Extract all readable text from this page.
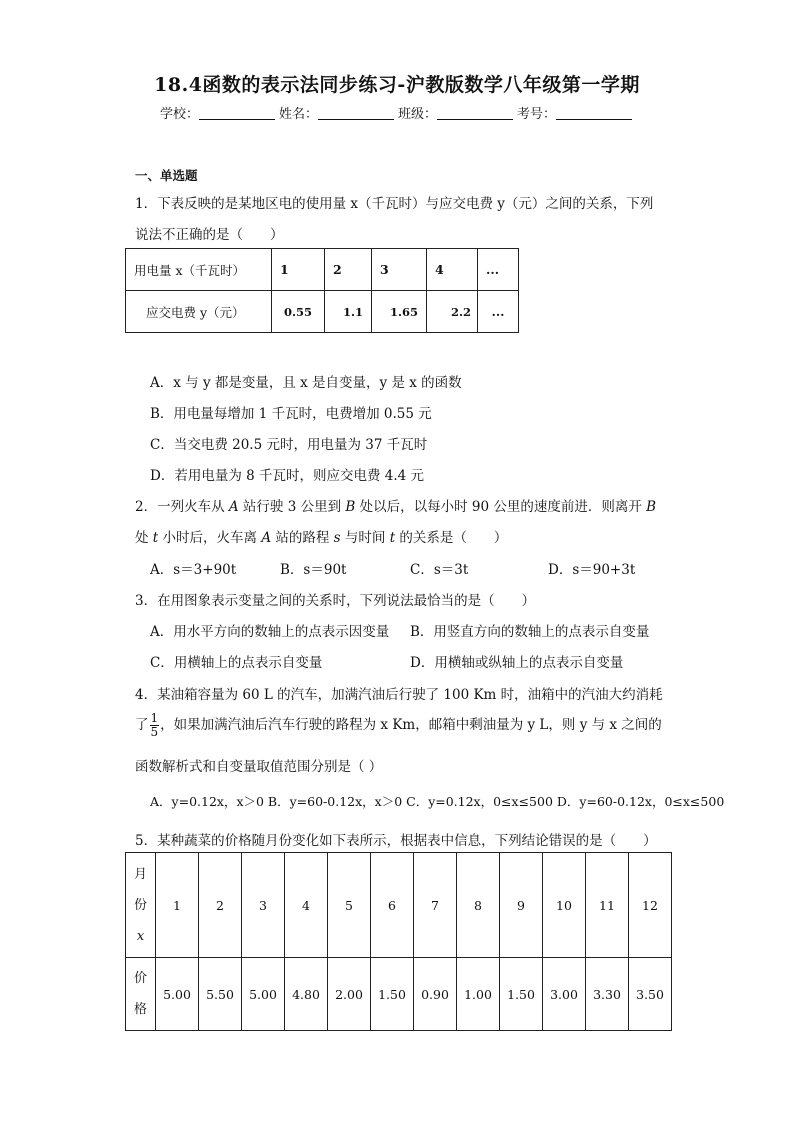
18.4函数的表示法同步练习-沪教版数学八年级第一学期
学校：	姓名：	班级：	考号：
一、单选题
1．下表反映的是某地区电的使用量 x（千瓦时）与应交电费 y（元）之间的关系，下列
说法不正确的是（　　）
用电量 x（千瓦时）	1	2	3	4	...
应交电费 y（元）	0.55	1.1	1.65	2.2	...
A．x 与 y 都是变量，且 x 是自变量，y 是 x 的函数
B．用电量每增加 1 千瓦时，电费增加 0.55 元
C．当交电费 20.5 元时，用电量为 37 千瓦时
D．若用电量为 8 千瓦时，则应交电费 4.4 元
2．一列火车从 A 站行驶 3 公里到 B 处以后，以每小时 90 公里的速度前进．则离开 B
处 t 小时后，火车离 A 站的路程 s 与时间 t 的关系是（　　）
A．s＝3+90t	B．s＝90t	C．s＝3t	D．s＝90+3t
3．在用图象表示变量之间的关系时，下列说法最恰当的是（　　）
A．用水平方向的数轴上的点表示因变量 B．用竖直方向的数轴上的点表示自变量
C．用横轴上的点表示自变量	D．用横轴或纵轴上的点表示自变量
4．某油箱容量为 60 L 的汽车，加满汽油后行驶了 100 Km 时，油箱中的汽油大约消耗
了 $\frac{1}{5}$ ，如果加满汽油后汽车行驶的路程为 x Km，邮箱中剩油量为 y L，则 y 与 x 之间的
函数解析式和自变量取值范围分别是（ ）
A．y=0.12x，x＞0 B．y=60-0.12x，x＞0 C．y=0.12x，0≤x≤500 D．y=60-0.12x，0≤x≤500
5．某种蔬菜的价格随月份变化如下表所示，根据表中信息，下列结论错误的是（　　）
月
份
x	1	2	3	4	5	6	7	8	9	10	11	12

价
格	5.00	5.50	5.00	4.80	2.00	1.50	0.90	1.00	1.50	3.00	3.30	3.50
